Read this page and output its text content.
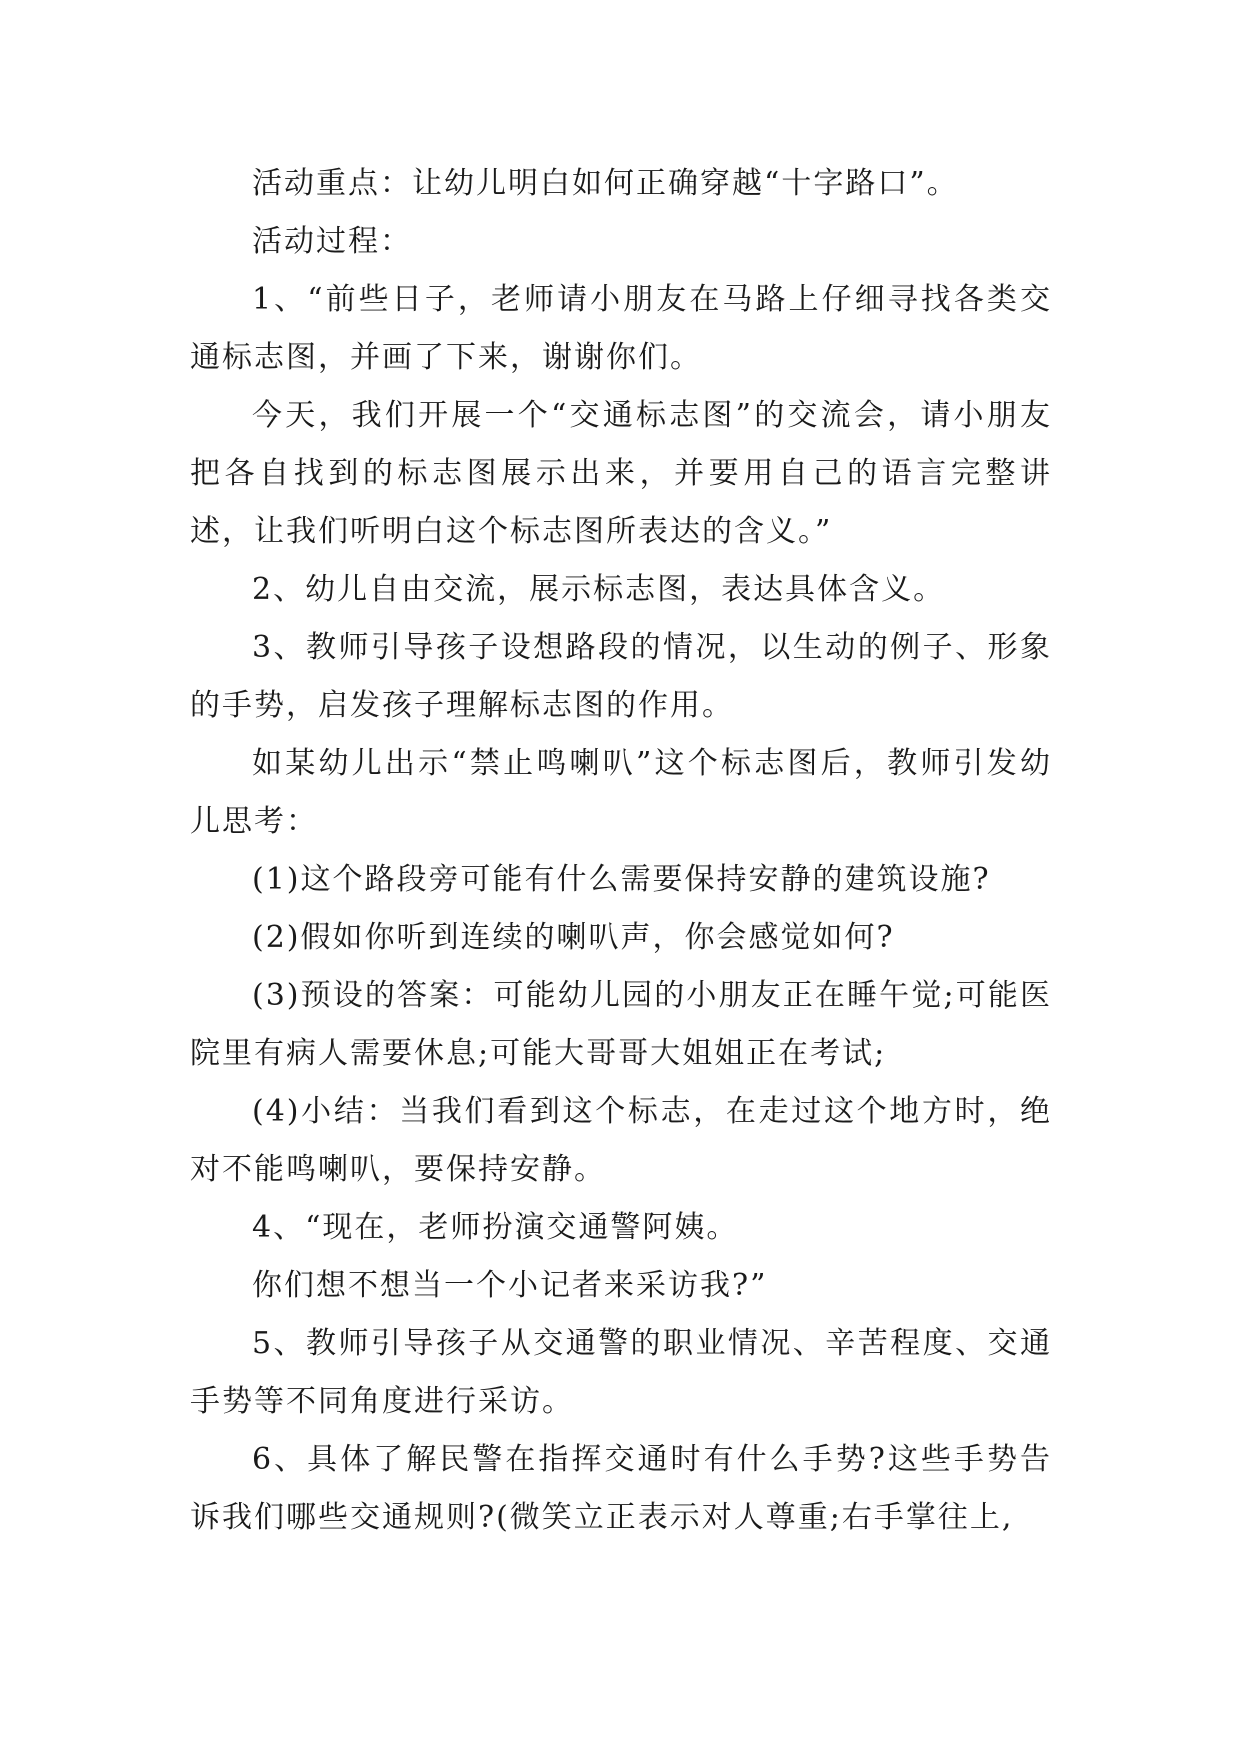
活动重点：让幼儿明白如何正确穿越“十字路口”。

活动过程：

1、“前些日子，老师请小朋友在马路上仔细寻找各类交通标志图，并画了下来，谢谢你们。

今天，我们开展一个“交通标志图”的交流会，请小朋友把各自找到的标志图展示出来，并要用自己的语言完整讲述，让我们听明白这个标志图所表达的含义。”

2、幼儿自由交流，展示标志图，表达具体含义。

3、教师引导孩子设想路段的情况，以生动的例子、形象的手势，启发孩子理解标志图的作用。

如某幼儿出示“禁止鸣喇叭”这个标志图后，教师引发幼儿思考：

(1)这个路段旁可能有什么需要保持安静的建筑设施?

(2)假如你听到连续的喇叭声，你会感觉如何?

(3)预设的答案：可能幼儿园的小朋友正在睡午觉;可能医院里有病人需要休息;可能大哥哥大姐姐正在考试;

(4)小结：当我们看到这个标志，在走过这个地方时，绝对不能鸣喇叭，要保持安静。

4、“现在，老师扮演交通警阿姨。

你们想不想当一个小记者来采访我?”

5、教师引导孩子从交通警的职业情况、辛苦程度、交通手势等不同角度进行采访。

6、具体了解民警在指挥交通时有什么手势?这些手势告诉我们哪些交通规则?(微笑立正表示对人尊重;右手掌往上,
